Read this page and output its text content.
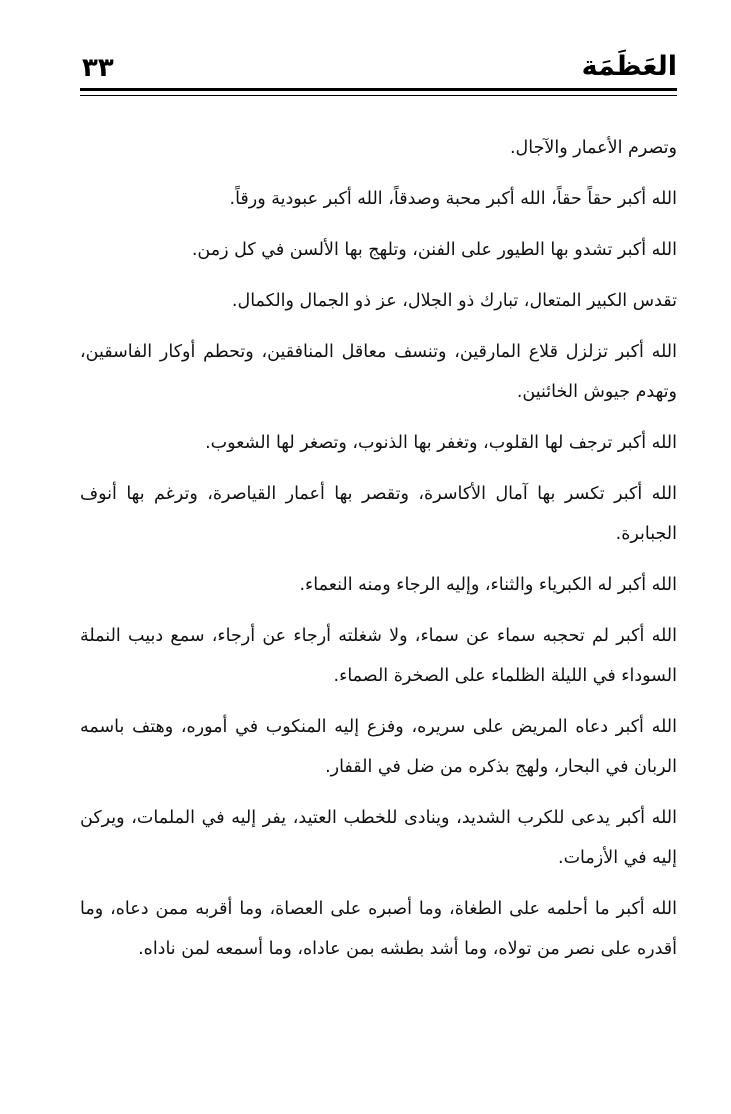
٣٣	العَظَمَة

وتصرم الأعمار والآجال.

الله أكبر حقاً حقاً، الله أكبر محبة وصدقاً، الله أكبر عبودية ورقاً.

الله أكبر تشدو بها الطيور على الفنن، وتلهج بها الألسن في كل زمن.

تقدس الكبير المتعال، تبارك ذو الجلال، عز ذو الجمال والكمال.

الله أكبر تزلزل قلاع المارقين، وتنسف معاقل المنافقين، وتحطم أوكار الفاسقين، وتهدم جيوش الخائنين.

الله أكبر ترجف لها القلوب، وتغفر بها الذنوب، وتصغر لها الشعوب.

الله أكبر تكسر بها آمال الأكاسرة، وتقصر بها أعمار القياصرة، وترغم بها أنوف الجبابرة.

الله أكبر له الكبرياء والثناء، وإليه الرجاء ومنه النعماء.

الله أكبر لم تحجبه سماء عن سماء، ولا شغلته أرجاء عن أرجاء، سمع دبيب النملة السوداء في الليلة الظلماء على الصخرة الصماء.

الله أكبر دعاه المريض على سريره، وفزع إليه المنكوب في أموره، وهتف باسمه الربان في البحار، ولهج بذكره من ضل في القفار.

الله أكبر يدعى للكرب الشديد، وينادى للخطب العتيد، يفر إليه في الملمات، ويركن إليه في الأزمات.

الله أكبر ما أحلمه على الطغاة، وما أصبره على العصاة، وما أقربه ممن دعاه، وما أقدره على نصر من تولاه، وما أشد بطشه بمن عاداه، وما أسمعه لمن ناداه.
